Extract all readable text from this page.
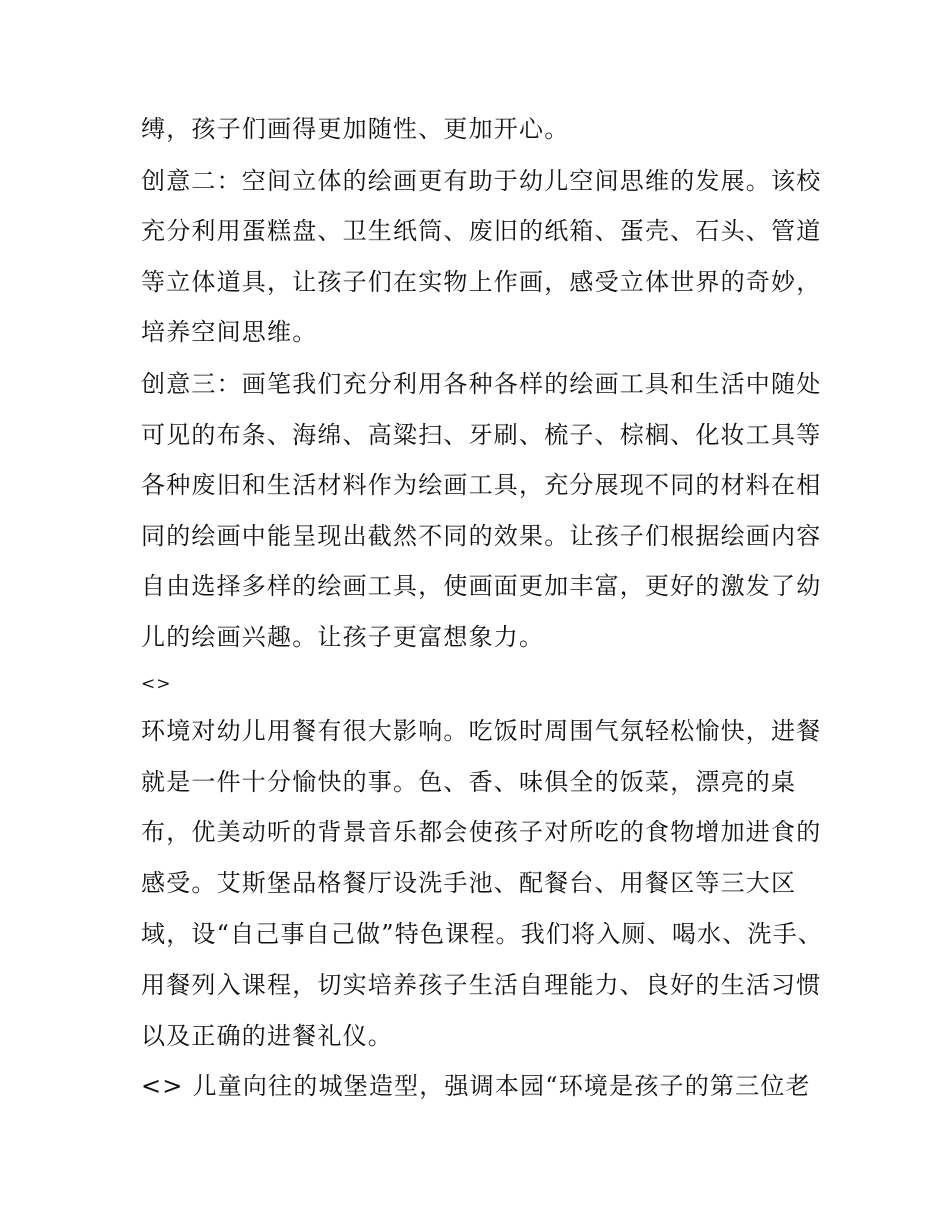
缚，孩子们画得更加随性、更加开心。
创意二：空间立体的绘画更有助于幼儿空间思维的发展。该校
充分利用蛋糕盘、卫生纸筒、废旧的纸箱、蛋壳、石头、管道
等立体道具，让孩子们在实物上作画，感受立体世界的奇妙，
培养空间思维。
创意三：画笔我们充分利用各种各样的绘画工具和生活中随处
可见的布条、海绵、高粱扫、牙刷、梳子、棕榈、化妆工具等
各种废旧和生活材料作为绘画工具，充分展现不同的材料在相
同的绘画中能呈现出截然不同的效果。让孩子们根据绘画内容
自由选择多样的绘画工具，使画面更加丰富，更好的激发了幼
儿的绘画兴趣。让孩子更富想象力。
<>
环境对幼儿用餐有很大影响。吃饭时周围气氛轻松愉快，进餐
就是一件十分愉快的事。色、香、味俱全的饭菜，漂亮的桌
布，优美动听的背景音乐都会使孩子对所吃的食物增加进食的
感受。艾斯堡品格餐厅设洗手池、配餐台、用餐区等三大区
域，设“自己事自己做”特色课程。我们将入厕、喝水、洗手、
用餐列入课程，切实培养孩子生活自理能力、良好的生活习惯
以及正确的进餐礼仪。
<> 儿童向往的城堡造型，强调本园“环境是孩子的第三位老
